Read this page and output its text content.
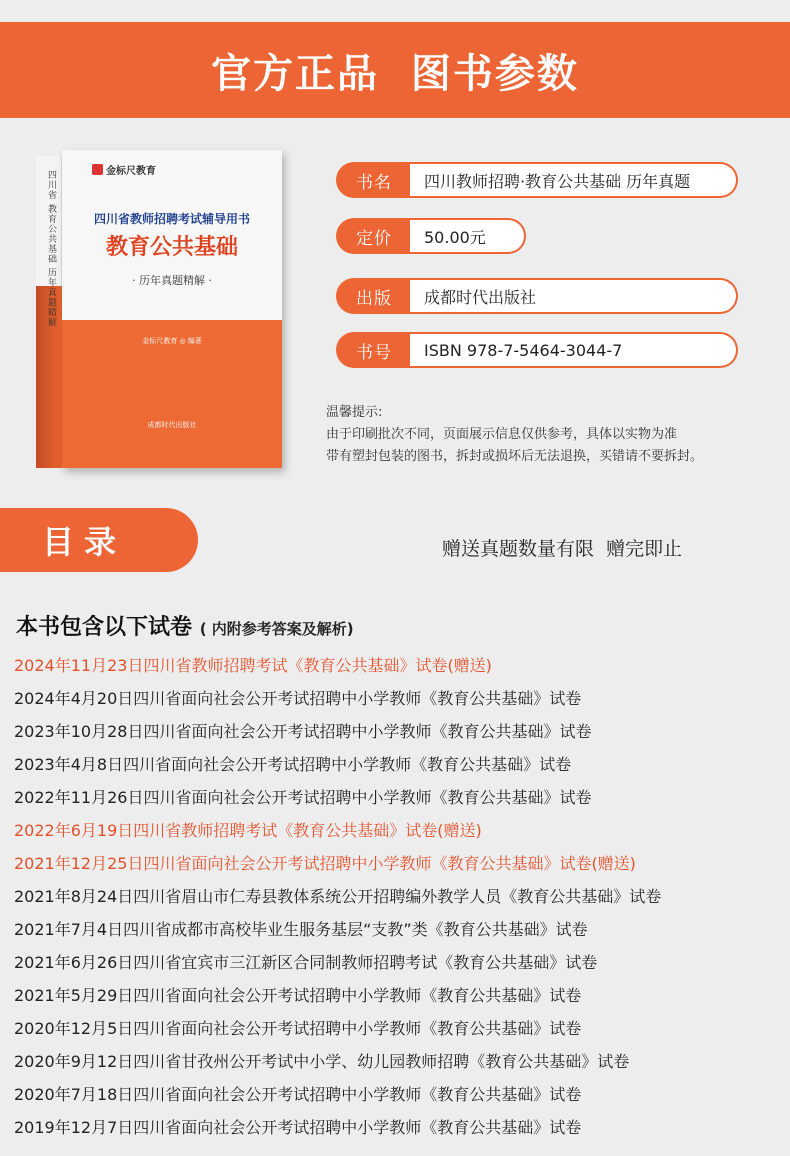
官方正品  图书参数
四川省 教育公共基础 历年真题精解	金标尺教育
四川省教师招聘考试辅导用书
教育公共基础
· 历年真题精解 ·
金标尺教育 ◎ 编著
成都时代出版社
书名	四川教师招聘·教育公共基础 历年真题
定价	50.00元
出版	成都时代出版社
书号	ISBN 978-7-5464-3044-7
温馨提示:
由于印刷批次不同，页面展示信息仅供参考，具体以实物为准
带有塑封包装的图书，拆封或损坏后无法退换，买错请不要拆封。
目录	赠送真题数量有限  赠完即止
本书包含以下试卷 ( 内附参考答案及解析)
2024年11月23日四川省教师招聘考试《教育公共基础》试卷(赠送)
2024年4月20日四川省面向社会公开考试招聘中小学教师《教育公共基础》试卷
2023年10月28日四川省面向社会公开考试招聘中小学教师《教育公共基础》试卷
2023年4月8日四川省面向社会公开考试招聘中小学教师《教育公共基础》试卷
2022年11月26日四川省面向社会公开考试招聘中小学教师《教育公共基础》试卷
2022年6月19日四川省教师招聘考试《教育公共基础》试卷(赠送)
2021年12月25日四川省面向社会公开考试招聘中小学教师《教育公共基础》试卷(赠送)
2021年8月24日四川省眉山市仁寿县教体系统公开招聘编外教学人员《教育公共基础》试卷
2021年7月4日四川省成都市高校毕业生服务基层“支教”类《教育公共基础》试卷
2021年6月26日四川省宜宾市三江新区合同制教师招聘考试《教育公共基础》试卷
2021年5月29日四川省面向社会公开考试招聘中小学教师《教育公共基础》试卷
2020年12月5日四川省面向社会公开考试招聘中小学教师《教育公共基础》试卷
2020年9月12日四川省甘孜州公开考试中小学、幼儿园教师招聘《教育公共基础》试卷
2020年7月18日四川省面向社会公开考试招聘中小学教师《教育公共基础》试卷
2019年12月7日四川省面向社会公开考试招聘中小学教师《教育公共基础》试卷
